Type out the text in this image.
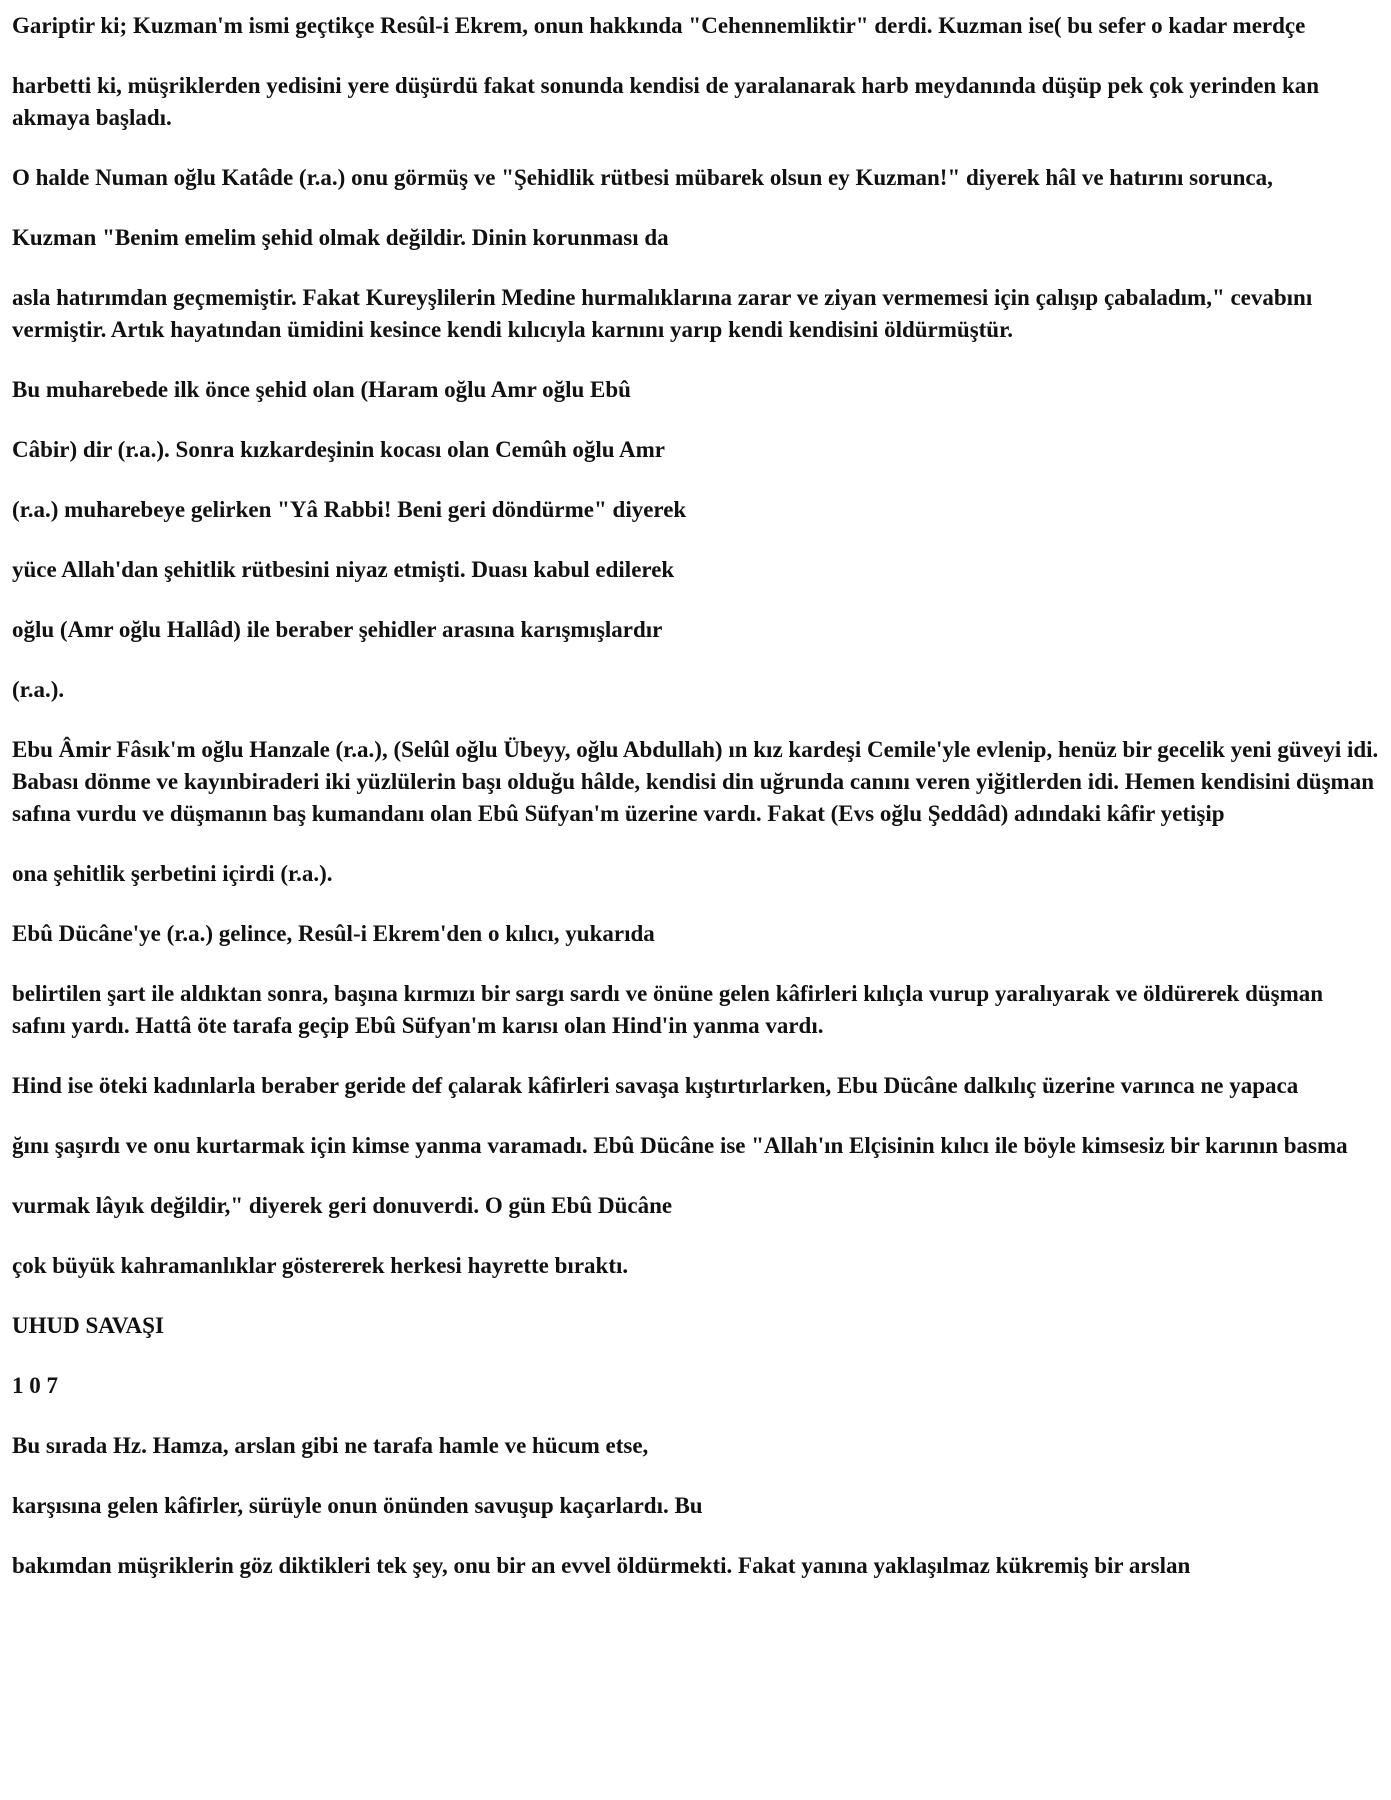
Gariptir ki; Kuzman'm ismi geçtikçe Resûl-i Ekrem, onun hakkında "Cehennemliktir" derdi. Kuzman ise( bu sefer o kadar merdçe

harbetti ki, müşriklerden yedisini yere düşürdü fakat sonunda kendisi de yaralanarak harb meydanında düşüp pek çok yerinden kan akmaya başladı.

O halde Numan oğlu Katâde (r.a.) onu görmüş ve "Şehidlik rütbesi mübarek olsun ey Kuzman!" diyerek hâl ve hatırını sorunca,

Kuzman "Benim emelim şehid olmak değildir. Dinin korunması da

asla hatırımdan geçmemiştir. Fakat Kureyşlilerin Medine hurmalıklarına zarar ve ziyan vermemesi için çalışıp çabaladım," cevabını vermiştir. Artık hayatından ümidini kesince kendi kılıcıyla karnını yarıp kendi kendisini öldürmüştür.

Bu muharebede ilk önce şehid olan (Haram oğlu Amr oğlu Ebû

Câbir) dir (r.a.). Sonra kızkardeşinin kocası olan Cemûh oğlu Amr

(r.a.) muharebeye gelirken "Yâ Rabbi! Beni geri döndürme" diyerek

yüce Allah'dan şehitlik rütbesini niyaz etmişti. Duası kabul edilerek

oğlu (Amr oğlu Hallâd) ile beraber şehidler arasına karışmışlardır

(r.a.).

Ebu Âmir Fâsık'm oğlu Hanzale (r.a.), (Selûl oğlu Übeyy, oğlu Abdullah) ın kız kardeşi Cemile'yle evlenip, henüz bir gecelik yeni güveyi idi. Babası dönme ve kayınbiraderi iki yüzlülerin başı olduğu hâlde, kendisi din uğrunda canını veren yiğitlerden idi. Hemen kendisini düşman safına vurdu ve düşmanın baş kumandanı olan Ebû Süfyan'm üzerine vardı. Fakat (Evs oğlu Şeddâd) adındaki kâfir yetişip

ona şehitlik şerbetini içirdi (r.a.).

Ebû Dücâne'ye (r.a.) gelince, Resûl-i Ekrem'den o kılıcı, yukarıda

belirtilen şart ile aldıktan sonra, başına kırmızı bir sargı sardı ve önüne gelen kâfirleri kılıçla vurup yaralıyarak ve öldürerek düşman safını yardı. Hattâ öte tarafa geçip Ebû Süfyan'm karısı olan Hind'in yanma vardı.

Hind ise öteki kadınlarla beraber geride def çalarak kâfirleri savaşa kıştırtırlarken, Ebu Dücâne dalkılıç üzerine varınca ne yapaca

ğını şaşırdı ve onu kurtarmak için kimse yanma varamadı. Ebû Dücâne ise "Allah'ın Elçisinin kılıcı ile böyle kimsesiz bir karının basma

vurmak lâyık değildir," diyerek geri donuverdi. O gün Ebû Dücâne

çok büyük kahramanlıklar göstererek herkesi hayrette bıraktı.

UHUD SAVAŞI

1 0 7

Bu sırada Hz. Hamza, arslan gibi ne tarafa hamle ve hücum etse,

karşısına gelen kâfirler, sürüyle onun önünden savuşup kaçarlardı. Bu

bakımdan müşriklerin göz diktikleri tek şey, onu bir an evvel öldürmekti. Fakat yanına yaklaşılmaz kükremiş bir arslan
